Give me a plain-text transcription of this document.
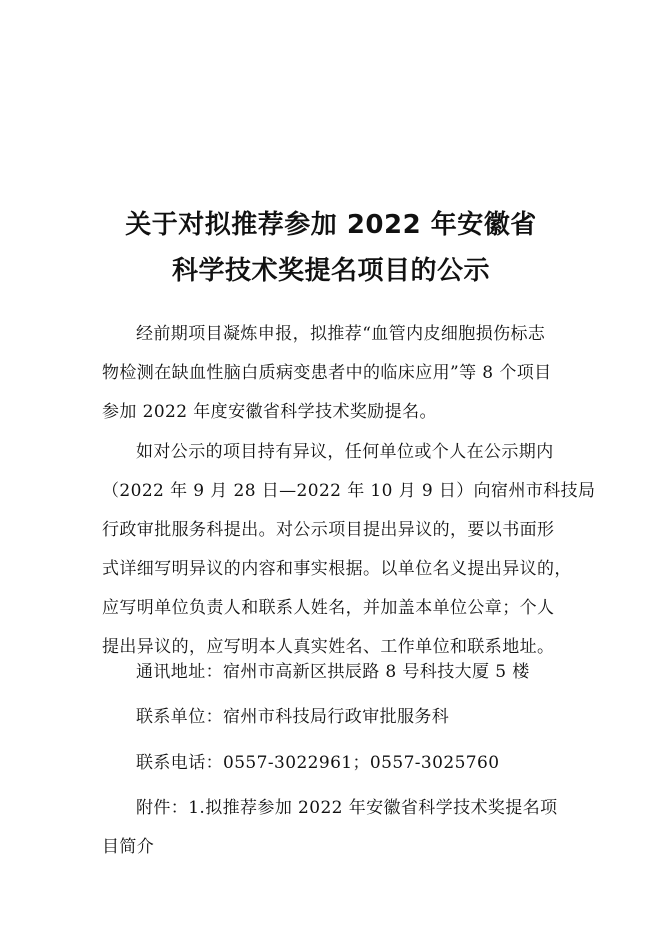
关于对拟推荐参加 2022 年安徽省
科学技术奖提名项目的公示
经前期项目凝炼申报，拟推荐“血管内皮细胞损伤标志
物检测在缺血性脑白质病变患者中的临床应用”等 8 个项目
参加 2022 年度安徽省科学技术奖励提名。
如对公示的项目持有异议，任何单位或个人在公示期内
（2022 年 9 月 28 日—2022 年 10 月 9 日）向宿州市科技局
行政审批服务科提出。对公示项目提出异议的，要以书面形
式详细写明异议的内容和事实根据。以单位名义提出异议的，
应写明单位负责人和联系人姓名，并加盖本单位公章；个人
提出异议的，应写明本人真实姓名、工作单位和联系地址。
通讯地址：宿州市高新区拱辰路 8 号科技大厦 5 楼
联系单位：宿州市科技局行政审批服务科
联系电话：0557-3022961；0557-3025760
附件：1.拟推荐参加 2022 年安徽省科学技术奖提名项
目简介
